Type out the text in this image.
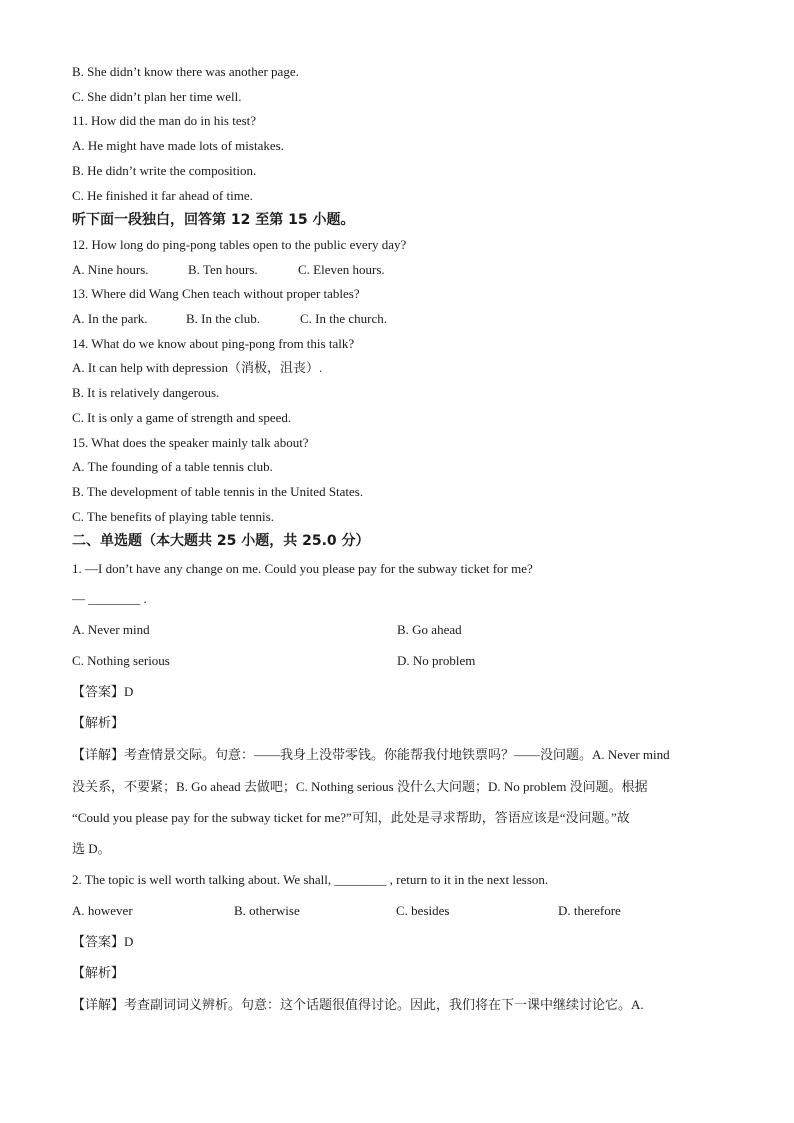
B. She didn’t know there was another page.
C. She didn’t plan her time well.
11. How did the man do in his test?
A. He might have made lots of mistakes.
B. He didn’t write the composition.
C. He finished it far ahead of time.
听下面一段独白，回答第 12 至第 15 小题。
12. How long do ping-pong tables open to the public every day?
A. Nine hours.	B. Ten hours.	C. Eleven hours.
13. Where did Wang Chen teach without proper tables?
A. In the park.	B. In the club.	C. In the church.
14. What do we know about ping-pong from this talk?
A. It can help with depression（消极，沮丧）.
B. It is relatively dangerous.
C. It is only a game of strength and speed.
15. What does the speaker mainly talk about?
A. The founding of a table tennis club.
B. The development of table tennis in the United States.
C. The benefits of playing table tennis.
二、单选题（本大题共 25 小题，共 25.0 分）
1. —I don’t have any change on me. Could you please pay for the subway ticket for me?
— ________ .
A. Never mind	B. Go ahead
C. Nothing serious	D. No problem
【答案】D
【解析】
【详解】考查情景交际。句意：——我身上没带零钱。你能帮我付地铁票吗？——没问题。A. Never mind
没关系，不要紧；B. Go ahead 去做吧；C. Nothing serious 没什么大问题；D. No problem 没问题。根据
“Could you please pay for the subway ticket for me?”可知，此处是寻求帮助，答语应该是“没问题。”故
选 D。
2. The topic is well worth talking about. We shall, ________ , return to it in the next lesson.
A. however	B. otherwise	C. besides	D. therefore
【答案】D
【解析】
【详解】考查副词词义辨析。句意：这个话题很值得讨论。因此，我们将在下一课中继续讨论它。A.
